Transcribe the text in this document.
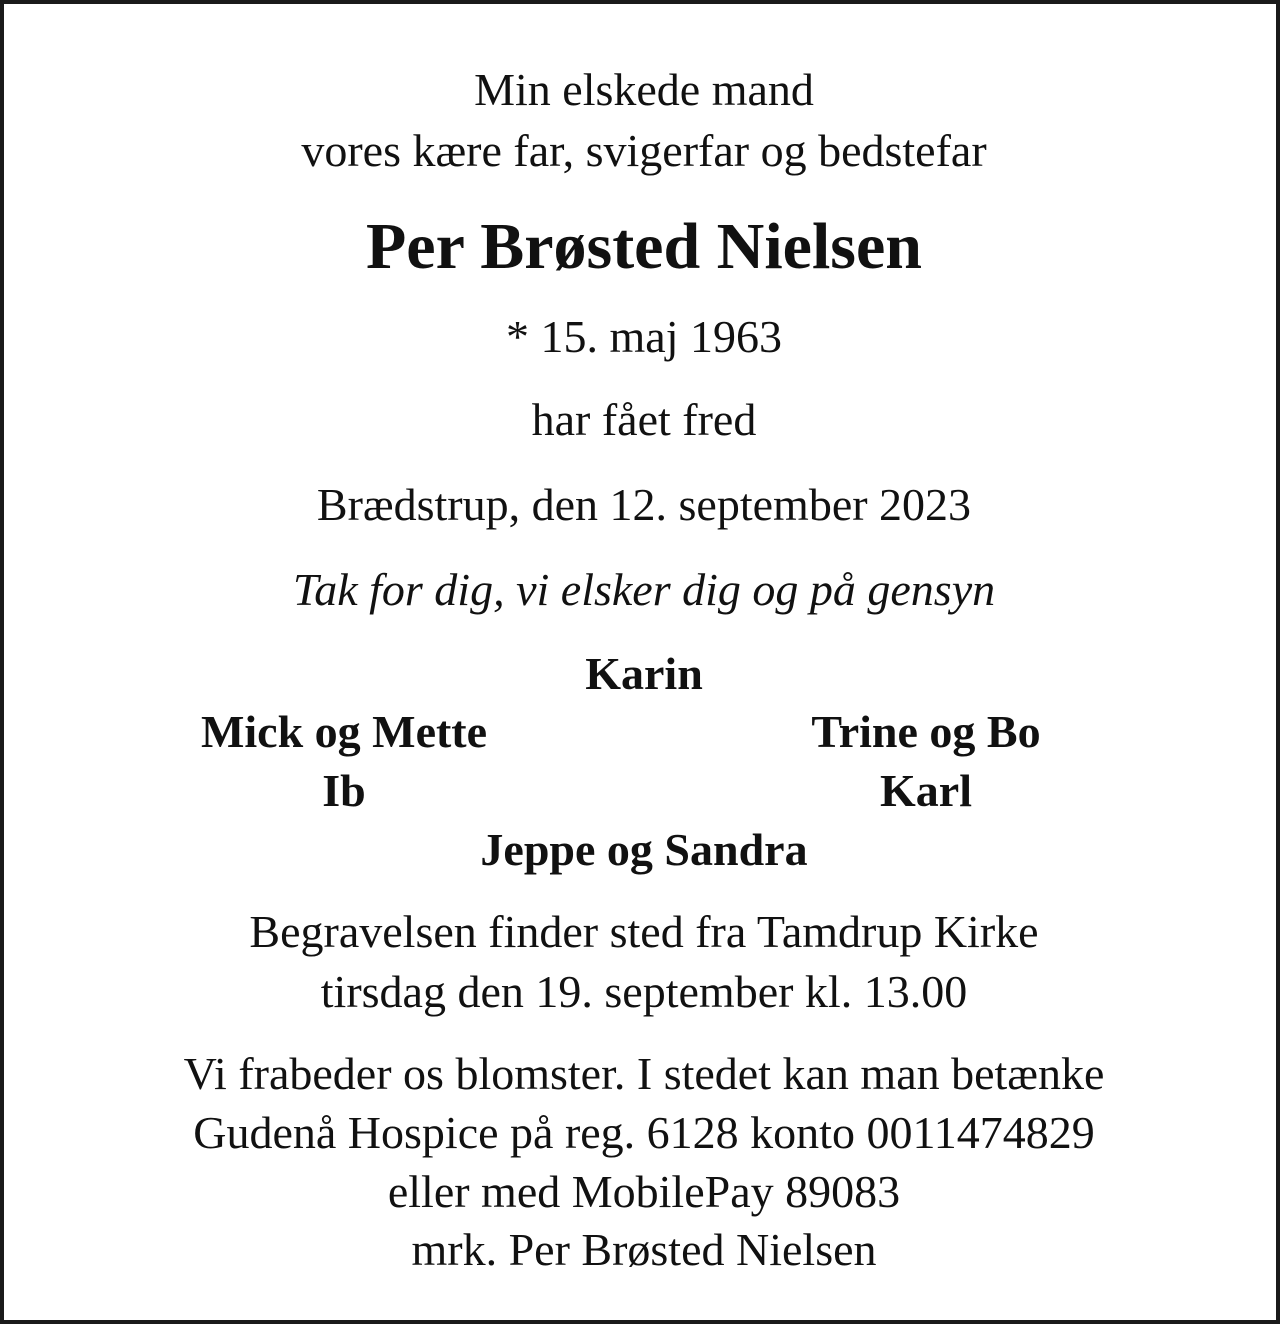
Min elskede mand
vores kære far, svigerfar og bedstefar
Per Brøsted Nielsen
* 15. maj 1963
har fået fred
Brædstrup, den 12. september 2023
Tak for dig, vi elsker dig og på gensyn
Karin
Mick og Mette	Trine og Bo
Ib	Karl
Jeppe og Sandra
Begravelsen finder sted fra Tamdrup Kirke
tirsdag den 19. september kl. 13.00
Vi frabeder os blomster. I stedet kan man betænke
Gudenå Hospice på reg. 6128 konto 0011474829
eller med MobilePay 89083
mrk. Per Brøsted Nielsen
